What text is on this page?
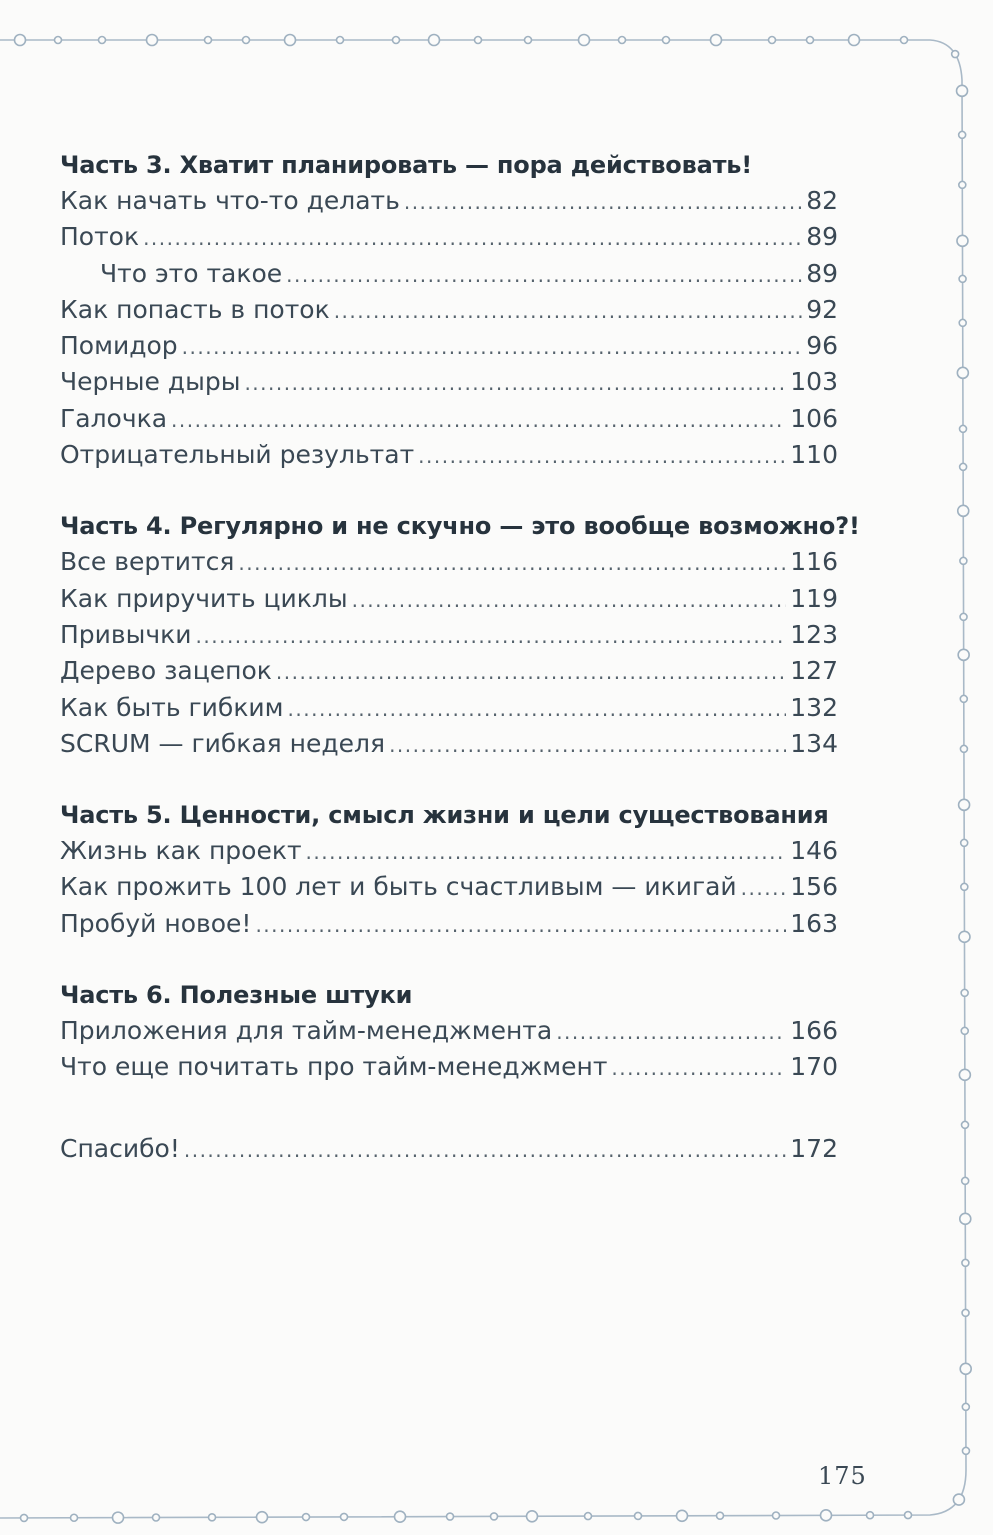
Часть 3. Хватит планировать — пора действовать!
Как начать что-то делать .....	82
Поток .....	89
Что это такое .....	89
Как попасть в поток .....	92
Помидор .....	96
Черные дыры .....	103
Галочка .....	106
Отрицательный результат .....	110
Часть 4. Регулярно и не скучно — это вообще возможно?!
Все вертится .....	116
Как приручить циклы .....	119
Привычки .....	123
Дерево зацепок .....	127
Как быть гибким .....	132
SCRUM — гибкая неделя .....	134
Часть 5. Ценности, смысл жизни и цели существования
Жизнь как проект .....	146
Как прожить 100 лет и быть счастливым — икигай ..... 156
Пробуй новое! .....	163
Часть 6. Полезные штуки
Приложения для тайм-менеджмента .....	166
Что еще почитать про тайм-менеджмент .....	170
Спасибо! .....	172
175
